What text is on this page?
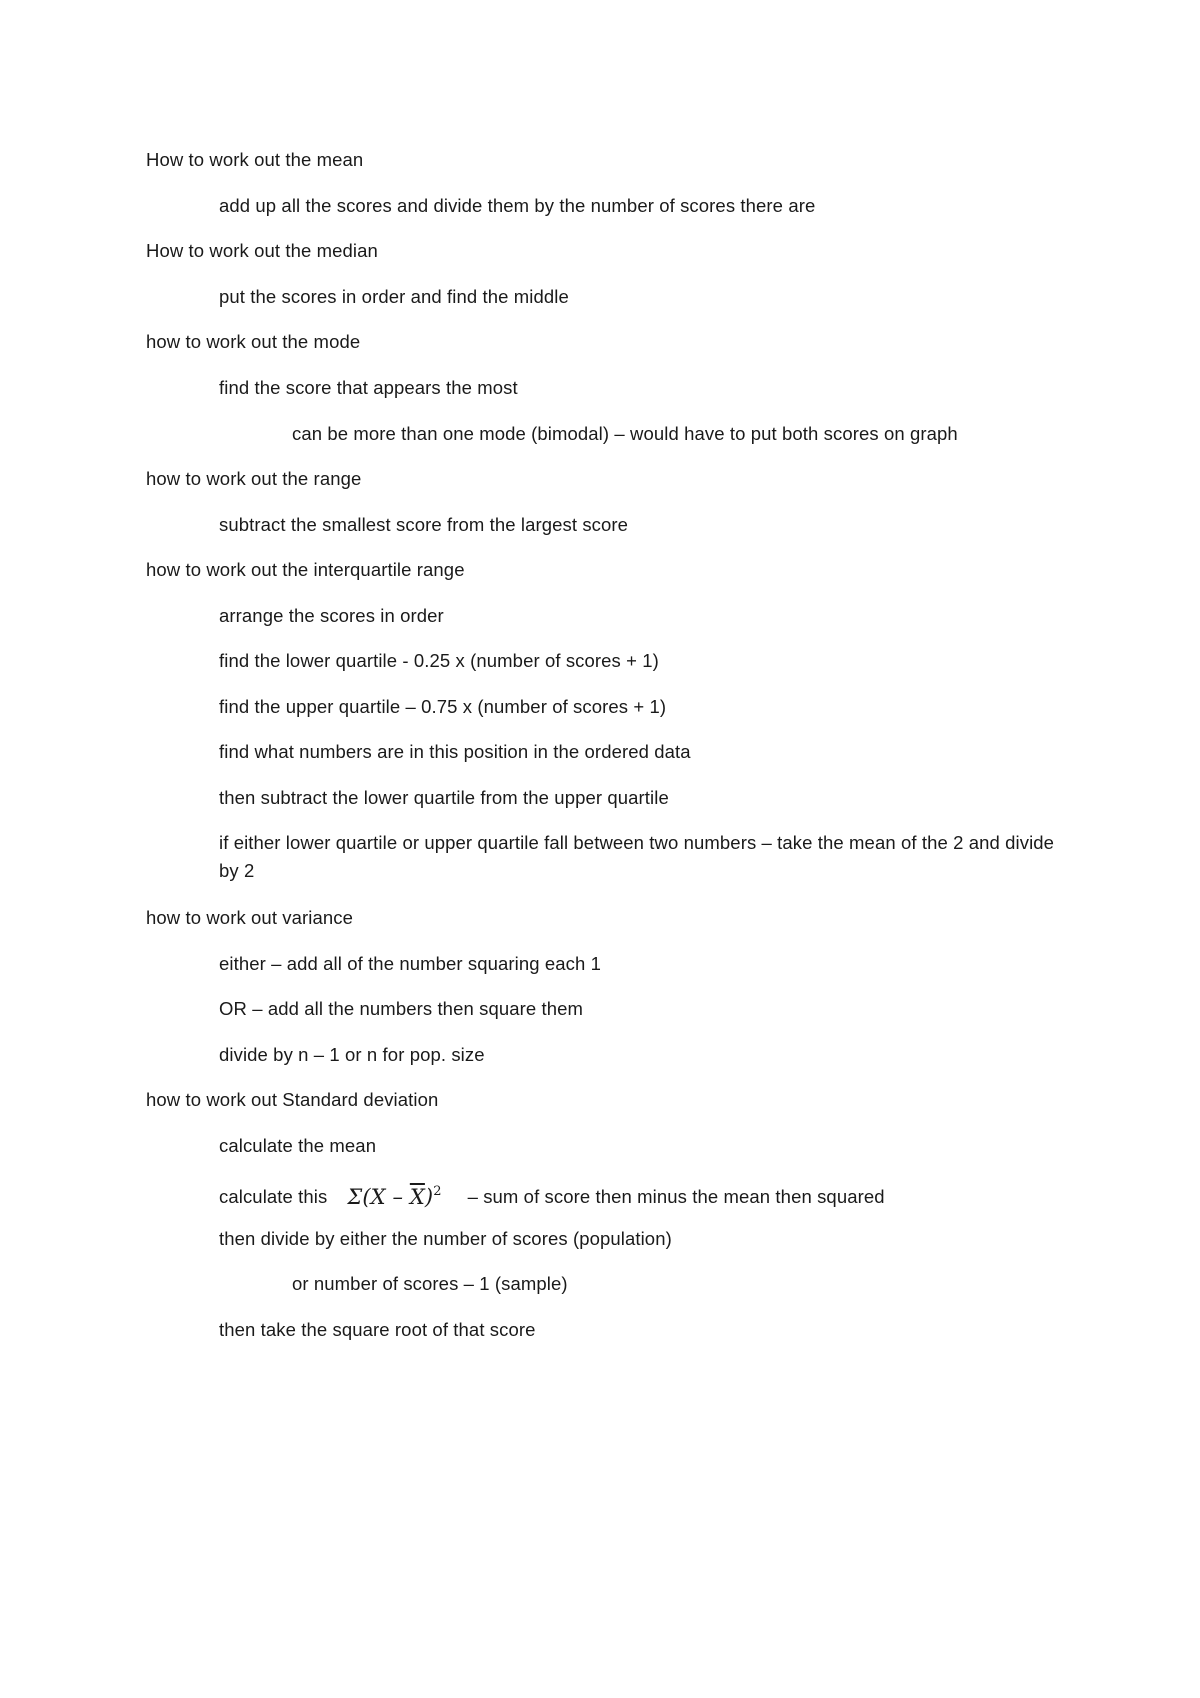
How to work out the mean
add up all the scores and divide them by the number of scores there are
How to work out the median
put the scores in order and find the middle
how to work out the mode
find the score that appears the most
can be more than one mode (bimodal) – would have to put both scores on graph
how to work out the range
subtract the smallest score from the largest score
how to work out the interquartile range
arrange the scores in order
find the lower quartile - 0.25 x (number of scores + 1)
find the upper quartile – 0.75 x (number of scores + 1)
find what numbers are in this position in the ordered data
then subtract the lower quartile from the upper quartile
if either lower quartile or upper quartile fall between two numbers – take the mean of the 2 and divide by 2
how to work out variance
either – add all of the number squaring each 1
OR – add all the numbers then square them
divide by n – 1 or n for pop. size
how to work out Standard deviation
calculate the mean
calculate this $\Sigma(X - \overline{X})^2$ – sum of score then minus the mean then squared
then divide by either the number of scores (population)
or number of scores – 1 (sample)
then take the square root of that score
